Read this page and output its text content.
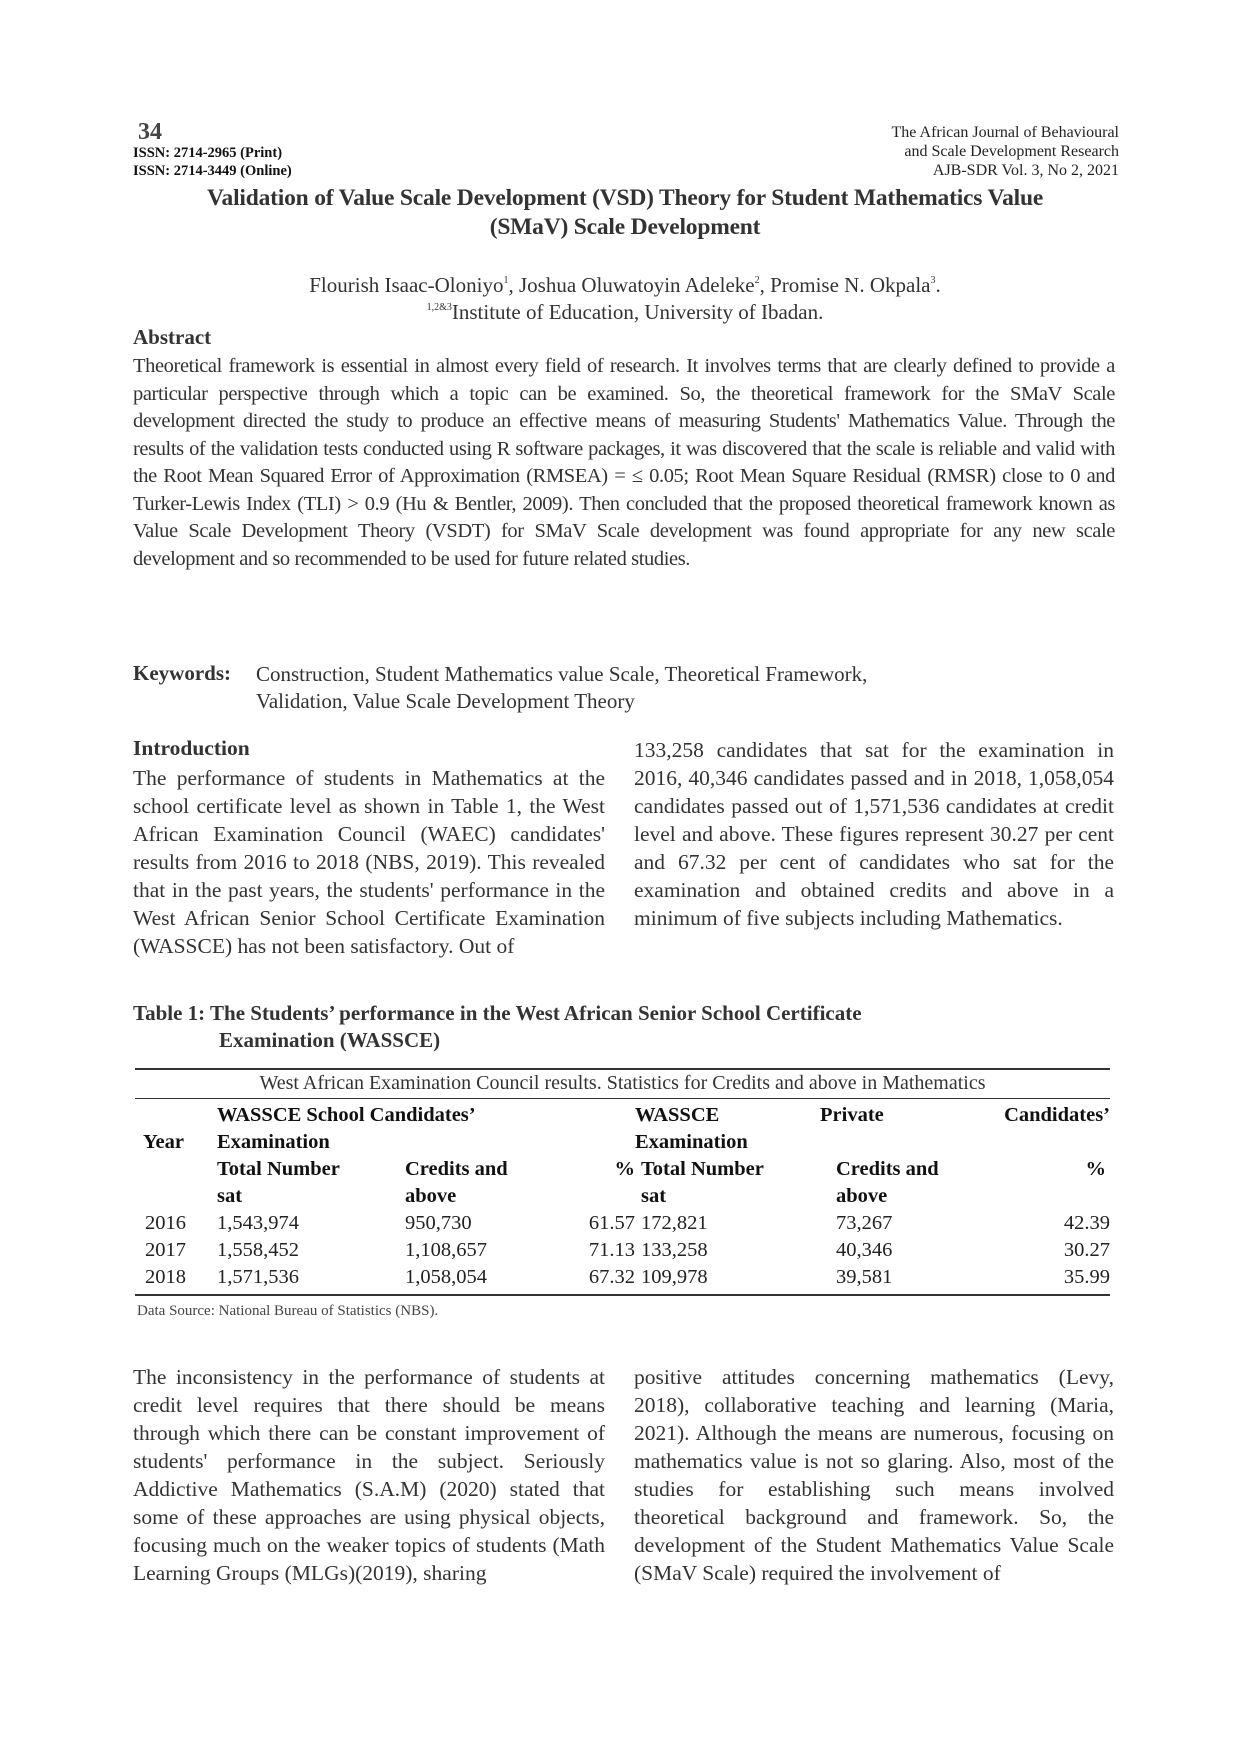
34
ISSN: 2714-2965 (Print)
ISSN: 2714-3449 (Online)
The African Journal of Behavioural
and Scale Development Research
AJB-SDR Vol. 3, No 2, 2021
Validation of Value Scale Development (VSD) Theory for Student Mathematics Value
(SMaV) Scale Development
Flourish Isaac-Oloniyo$^1$, Joshua Oluwatoyin Adeleke$^2$, Promise N. Okpala$^3$.
$^{1,2\&3}$Institute of Education, University of Ibadan.
Abstract
Theoretical framework is essential in almost every field of research. It involves terms that are clearly defined to provide a particular perspective through which a topic can be examined. So, the theoretical framework for the SMaV Scale development directed the study to produce an effective means of measuring Students' Mathematics Value. Through the results of the validation tests conducted using R software packages, it was discovered that the scale is reliable and valid with the Root Mean Squared Error of Approximation (RMSEA) = ≤ 0.05; Root Mean Square Residual (RMSR) close to 0 and Turker-Lewis Index (TLI) > 0.9 (Hu & Bentler, 2009). Then concluded that the proposed theoretical framework known as Value Scale Development Theory (VSDT) for SMaV Scale development was found appropriate for any new scale development and so recommended to be used for future related studies.
Keywords: Construction, Student Mathematics value Scale, Theoretical Framework,
Validation, Value Scale Development Theory
Introduction
The performance of students in Mathematics at the school certificate level as shown in Table 1, the West African Examination Council (WAEC) candidates' results from 2016 to 2018 (NBS, 2019). This revealed that in the past years, the students' performance in the West African Senior School Certificate Examination (WASSCE) has not been satisfactory. Out of
133,258 candidates that sat for the examination in 2016, 40,346 candidates passed and in 2018, 1,058,054 candidates passed out of 1,571,536 candidates at credit level and above. These figures represent 30.27 per cent and 67.32 per cent of candidates who sat for the examination and obtained credits and above in a minimum of five subjects including Mathematics.
Table 1: The Students’ performance in the West African Senior School Certificate
Examination (WASSCE)
West African Examination Council results. Statistics for Credits and above in Mathematics
	WASSCE School Candidates’			WASSCE	Private	Candidates’
Year	Examination			Examination		
	Total Number	Credits and	%	Total Number	Credits and	%
	sat	above		sat	above	
2016	1,543,974	950,730	61.57	172,821	73,267	42.39
2017	1,558,452	1,108,657	71.13	133,258	40,346	30.27
2018	1,571,536	1,058,054	67.32	109,978	39,581	35.99
Data Source: National Bureau of Statistics (NBS).
The inconsistency in the performance of students at credit level requires that there should be means through which there can be constant improvement of students' performance in the subject. Seriously Addictive Mathematics (S.A.M) (2020) stated that some of these approaches are using physical objects, focusing much on the weaker topics of students (Math Learning Groups (MLGs)(2019), sharing
positive attitudes concerning mathematics (Levy, 2018), collaborative teaching and learning (Maria, 2021). Although the means are numerous, focusing on mathematics value is not so glaring. Also, most of the studies for establishing such means involved theoretical background and framework. So, the development of the Student Mathematics Value Scale (SMaV Scale) required the involvement of
